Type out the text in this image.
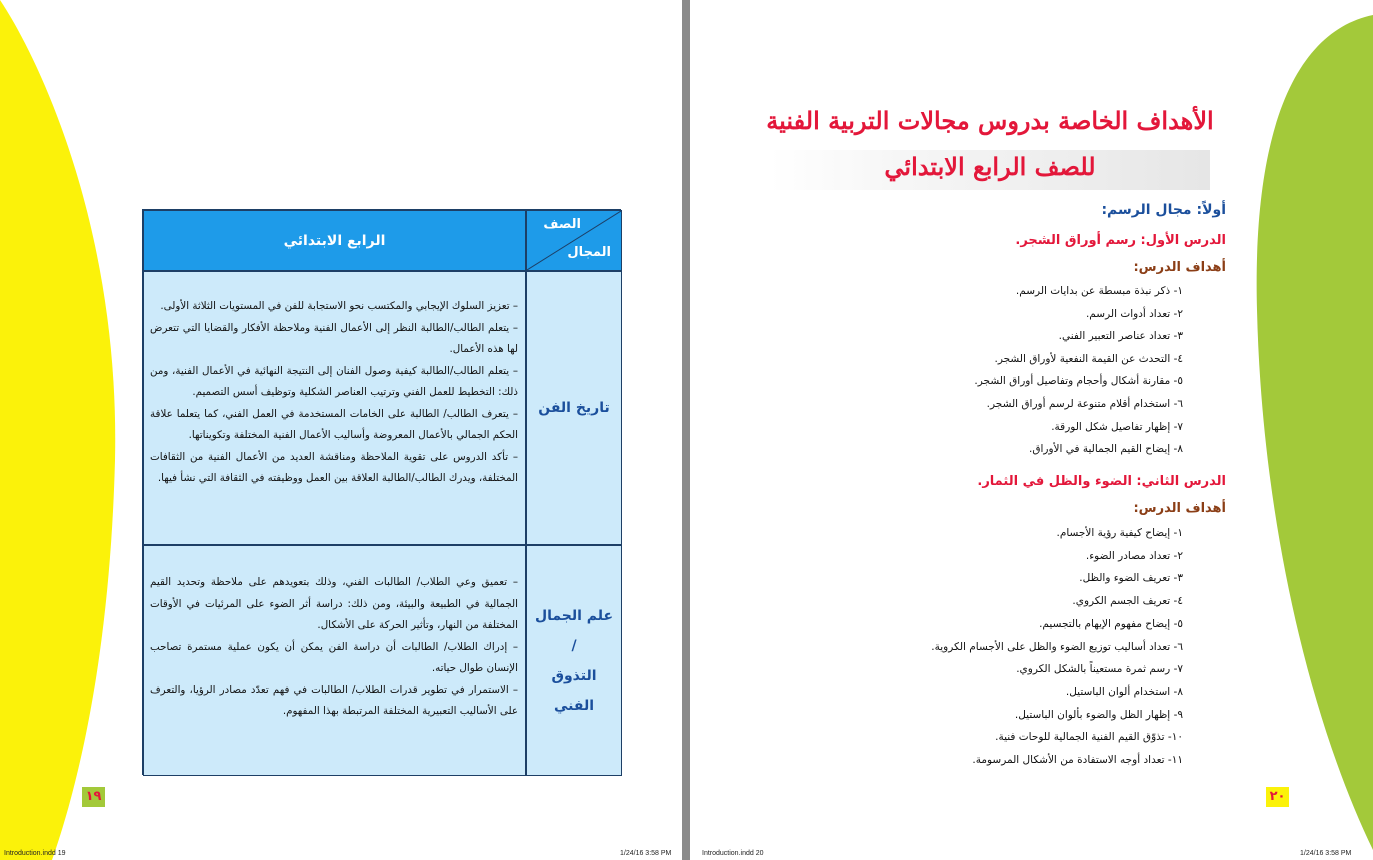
الرابع الابتدائي
الصف
المجال
– تعزيز السلوك الإيجابي والمكتسب نحو الاستجابة للفن في المستويات الثلاثة الأولى.
– يتعلم الطالب/الطالبة النظر إلى الأعمال الفنية وملاحظة الأفكار والقضايا التي تتعرض لها هذه الأعمال.
– يتعلم الطالب/الطالبة كيفية وصول الفنان إلى النتيجة النهائية في الأعمال الفنية، ومن ذلك: التخطيط للعمل الفني وترتيب العناصر الشكلية وتوظيف أسس التصميم.
– يتعرف الطالب/ الطالبة على الخامات المستخدمة في العمل الفني، كما يتعلما علاقة الحكم الجمالي بالأعمال المعروضة وأساليب الأعمال الفنية المختلفة وتكويناتها.
– تأكد الدروس على تقوية الملاحظة ومناقشة العديد من الأعمال الفنية من الثقافات المختلفة، ويدرك الطالب/الطالبة العلاقة بين العمل ووظيفته في الثقافة التي نشأ فيها.
تاريخ الفن
– تعميق وعي الطلاب/ الطالبات الفني، وذلك بتعويدهم على ملاحظة وتحديد القيم الجمالية في الطبيعة والبيئة، ومن ذلك: دراسة أثر الضوء على المرئيات في الأوقات المختلفة من النهار، وتأثير الحركة على الأشكال.
– إدراك الطلاب/ الطالبات أن دراسة الفن يمكن أن يكون عملية مستمرة تصاحب الإنسان طوال حياته.
– الاستمرار في تطوير قدرات الطلاب/ الطالبات في فهم تعدّد مصادر الرؤيا، والتعرف على الأساليب التعبيرية المختلفة المرتبطة بهذا المفهوم.
علم الجمال /
التذوق الفني
١٩
Introduction.indd 19	1/24/16 3:58 PM
الأهداف الخاصة بدروس مجالات التربية الفنية
للصف الرابع الابتدائي
أولاً: مجال الرسم:
الدرس الأول: رسم أوراق الشجر.
أهداف الدرس:
١- ذكر نبذة مبسطة عن بدايات الرسم.
٢- تعداد أدوات الرسم.
٣- تعداد عناصر التعبير الفني.
٤- التحدث عن القيمة النفعية لأوراق الشجر.
٥- مقارنة أشكال وأحجام وتفاصيل أوراق الشجر.
٦- استخدام أقلام متنوعة لرسم أوراق الشجر.
٧- إظهار تفاصيل شكل الورقة.
٨- إيضاح القيم الجمالية في الأوراق.
الدرس الثاني: الضوء والظل في الثمار.
أهداف الدرس:
١- إيضاح كيفية رؤية الأجسام.
٢- تعداد مصادر الضوء.
٣- تعريف الضوء والظل.
٤- تعريف الجسم الكروي.
٥- إيضاح مفهوم الإيهام بالتجسيم.
٦- تعداد أساليب توزيع الضوء والظل على الأجسام الكروية.
٧- رسم ثمرة مستعيناً بالشكل الكروي.
٨- استخدام ألوان الباستيل.
٩- إظهار الظل والضوء بألوان الباستيل.
١٠- تذوّق القيم الفنية الجمالية للوحات فنية.
١١- تعداد أوجه الاستفادة من الأشكال المرسومة.
٢٠
Introduction.indd 20	1/24/16 3:58 PM
